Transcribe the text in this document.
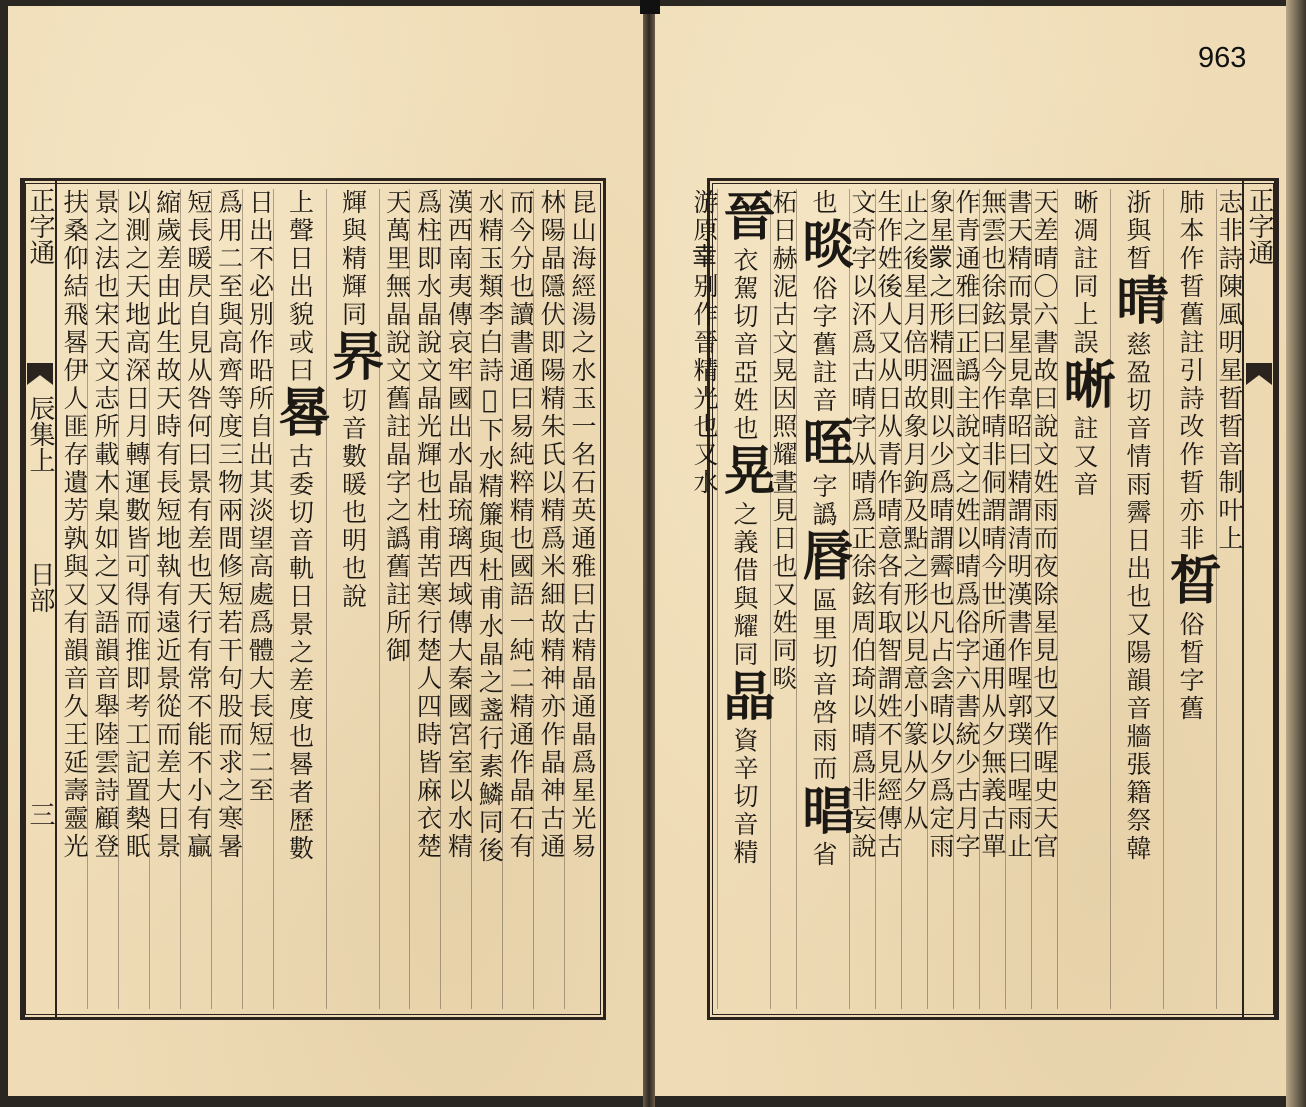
963
正字通
辰集上
日部
三	昆山海經湯之水玉一名石英通雅曰古精晶通晶爲星光易
林陽晶隱伏即陽精朱氏以精爲米細故精神亦作晶神古通
而今分也讀書通曰易純粹精也國語一純二精通作晶石有
水精玉類李白詩𨚑下水精簾與杜甫水晶之盞行素鱗同後
漢西南夷傳哀牢國出水晶琉璃西域傳大秦國宮室以水精
爲柱即水晶說文晶光輝也杜甫苦寒行楚人四時皆麻衣楚
天萬里無晶說文舊註晶字之譌舊註所御
輝與精輝同昦切音數暖也明也說
上聲日出貌或曰晷古委切音軌日景之差度也晷者歷數
日出不必別作㫟所自出其淡望高處爲體大長短二至
爲用二至與高齊等度三物兩間修短若干句股而求之寒暑
短長暖昃自見从咎何曰景有差也天行有常不能不小有贏
縮歲差由此生故天時有長短地執有遠近景從而差大日景
以測之天地高深日月轉運數皆可得而推即考工記置槷眂
景之法也宋天文志所載木臬如之又語韻音舉陸雲詩顧登
扶桑仰結飛晷伊人匪存遺芳孰與又有韻音久王延壽靈光	正字通
志非詩陳風明星晢晢音制叶上
肺本作晢舊註引詩改作晢亦非晳俗晳字舊
浙與晳晴慈盈切音情雨霽日出也又陽韻音牆張籍祭韓
晰凋註同上誤晰註又音
天差晴〇六書故曰說文姓雨而夜除星見也又作暒史天官
書天精而景星見韋昭曰精謂清明漢書作暒郭璞曰暒雨止
無雲也徐鉉曰今作晴非侗謂晴今世所通用从夕無義古單
作青通雅曰正譌主說文之姓以晴爲俗字六書統少古月字
象星𫎇之形精溫則以少爲晴謂霽也凡占侌晴以夕爲定雨
止之後星月倍明故象月鉤及點之形以見意小篆从夕从
生作姓後人又从日从青作晴意各有取智謂姓不見經傳古
文奇字以㳅爲古晴字从晴爲正徐鉉周伯琦以晴爲非妄說
也晱俗字舊註音晊字譌㫳區里切音啓雨而晿省
柘日赫泥古文晃因照耀晝見日也又姓同晱
晉衣駕切音亞姓也晃之義借與耀同晶資辛切音精
游原𦍒别作晉精光也又水
